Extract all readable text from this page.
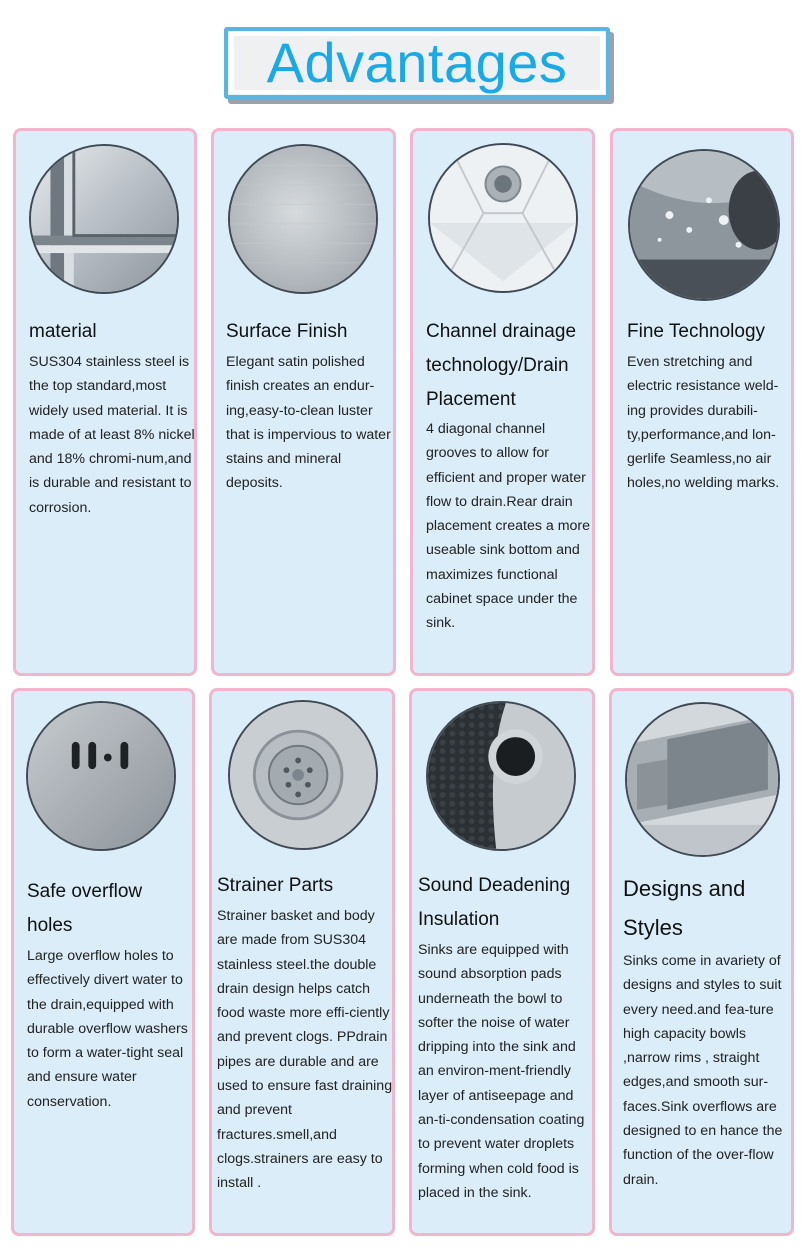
Advantages
material
SUS304 stainless steel is the top standard,most widely used material. It is made of at least 8% nickel and 18% chromi-num,and is durable and resistant to corrosion.
Surface Finish
Elegant satin polished finish creates an endur-ing,easy-to-clean luster that is impervious to water stains and mineral deposits.
Channel drainage technology/Drain Placement
4 diagonal channel grooves to allow for efficient and proper water flow to drain.Rear drain placement creates a more useable sink bottom and maximizes functional cabinet space under the sink.
Fine Technology
Even stretching and electric resistance weld-ing provides durabili-ty,performance,and lon-gerlife Seamless,no air holes,no welding marks.
Safe overflow holes
Large overflow holes to effectively divert water to the drain,equipped with durable overflow washers to form a water-tight seal and ensure water conservation.
Strainer Parts
Strainer basket and body are made from SUS304 stainless steel.the double drain design helps catch food waste more effi-ciently and prevent clogs. PPdrain pipes are durable and are used to ensure fast draining and prevent fractures.smell,and clogs.strainers are easy to install .
Sound Deadening Insulation
Sinks are equipped with sound absorption pads underneath the bowl to softer the noise of water dripping into the sink and an environ-ment-friendly layer of antiseepage and an-ti-condensation coating to prevent water droplets forming when cold food is placed in the sink.
Designs and Styles
Sinks come in avariety of designs and styles to suit every need.and fea-ture high capacity bowls ,narrow rims , straight edges,and smooth sur-faces.Sink overflows are designed to en hance the function of the over-flow drain.
